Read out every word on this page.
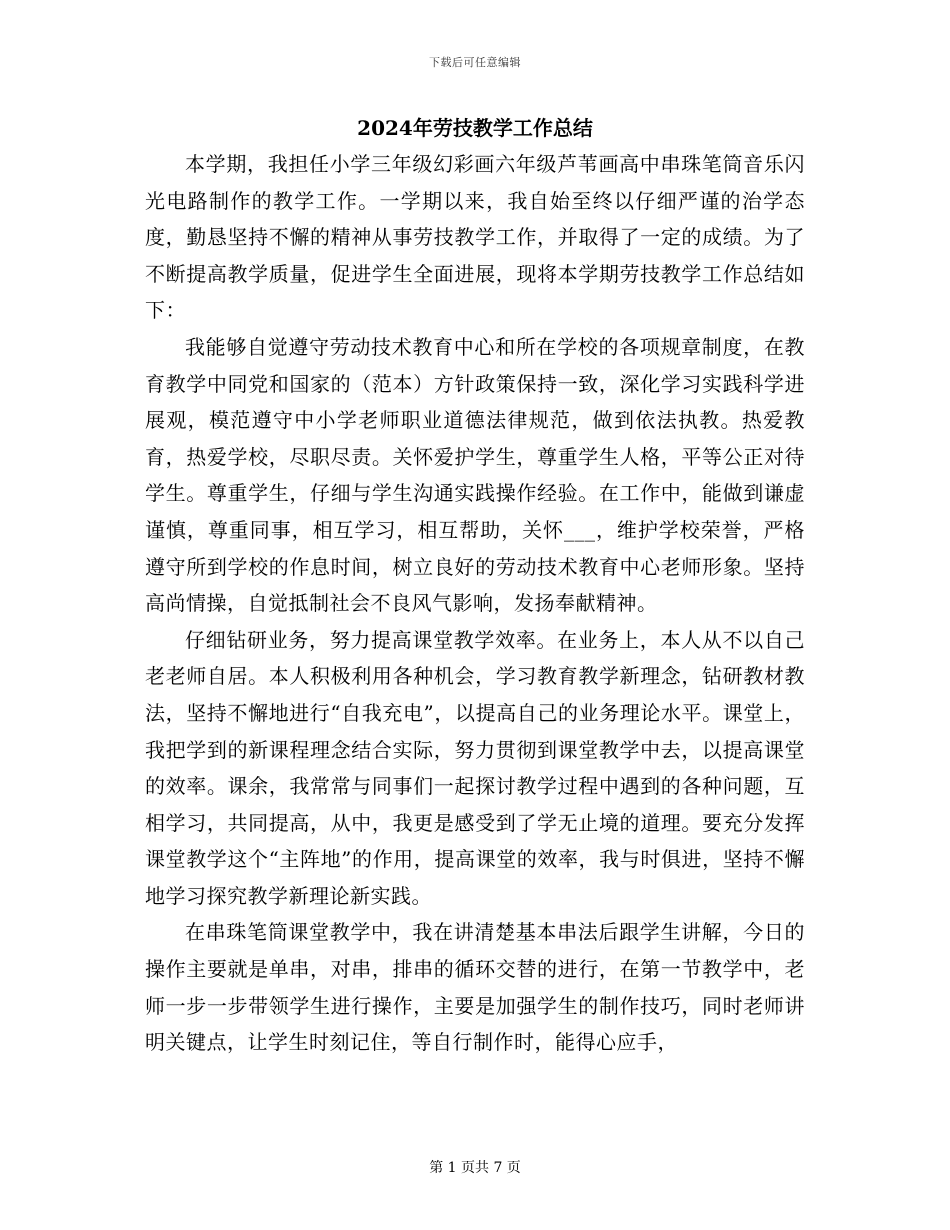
下载后可任意编辑
2024年劳技教学工作总结

本学期，我担任小学三年级幻彩画六年级芦苇画高中串珠笔筒音乐闪光电路制作的教学工作。一学期以来，我自始至终以仔细严谨的治学态度，勤恳坚持不懈的精神从事劳技教学工作，并取得了一定的成绩。为了不断提高教学质量，促进学生全面进展，现将本学期劳技教学工作总结如下：

我能够自觉遵守劳动技术教育中心和所在学校的各项规章制度，在教育教学中同党和国家的（范本）方针政策保持一致，深化学习实践科学进展观，模范遵守中小学老师职业道德法律规范，做到依法执教。热爱教育，热爱学校，尽职尽责。关怀爱护学生，尊重学生人格，平等公正对待学生。尊重学生，仔细与学生沟通实践操作经验。在工作中，能做到谦虚谨慎，尊重同事，相互学习，相互帮助，关怀___，维护学校荣誉，严格遵守所到学校的作息时间，树立良好的劳动技术教育中心老师形象。坚持高尚情操，自觉抵制社会不良风气影响，发扬奉献精神。

仔细钻研业务，努力提高课堂教学效率。在业务上，本人从不以自己老老师自居。本人积极利用各种机会，学习教育教学新理念，钻研教材教法，坚持不懈地进行“自我充电”，以提高自己的业务理论水平。课堂上，我把学到的新课程理念结合实际，努力贯彻到课堂教学中去，以提高课堂的效率。课余，我常常与同事们一起探讨教学过程中遇到的各种问题，互相学习，共同提高，从中，我更是感受到了学无止境的道理。要充分发挥课堂教学这个“主阵地”的作用，提高课堂的效率，我与时俱进，坚持不懈地学习探究教学新理论新实践。

在串珠笔筒课堂教学中，我在讲清楚基本串法后跟学生讲解，今日的操作主要就是单串，对串，排串的循环交替的进行，在第一节教学中，老师一步一步带领学生进行操作，主要是加强学生的制作技巧，同时老师讲明关键点，让学生时刻记住，等自行制作时，能得心应手，

第 1 页共 7 页
